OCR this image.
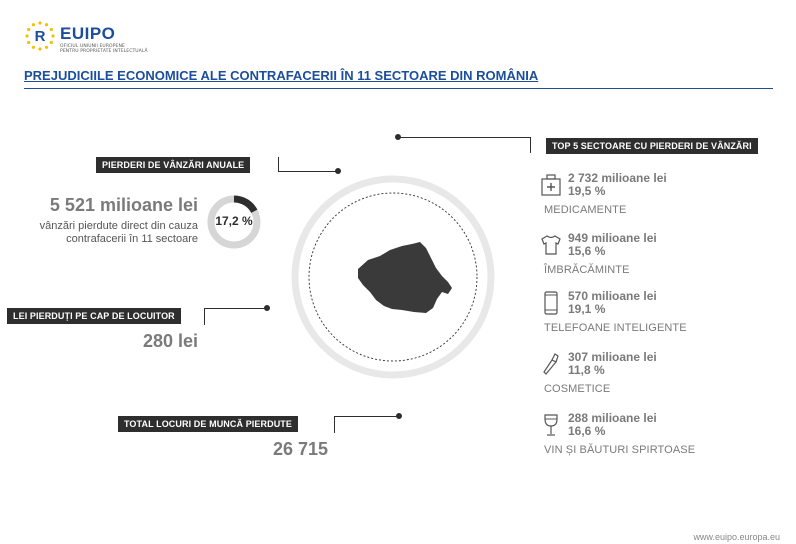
R EUIPO
OFICIUL UNIUNII EUROPENE
PENTRU PROPRIETATE INTELECTUALĂ
PREJUDICIILE ECONOMICE ALE CONTRAFACERII ÎN 11 SECTOARE DIN ROMÂNIA
PIERDERI DE VÂNZĂRI ANUALE
5 521 milioane lei
vânzări pierdute direct din cauza contrafacerii în 11 sectoare
17,2 %
LEI PIERDUȚI PE CAP DE LOCUITOR
280 lei
TOTAL LOCURI DE MUNCĂ PIERDUTE
26 715
TOP 5 SECTOARE CU PIERDERI DE VÂNZĂRI
2 732 milioane lei
19,5 %
MEDICAMENTE
949 milioane lei
15,6 %
ÎMBRĂCĂMINTE
570 milioane lei
19,1 %
TELEFOANE INTELIGENTE
307 milioane lei
11,8 %
COSMETICE
288 milioane lei
16,6 %
VIN ȘI BĂUTURI SPIRTOASE
www.euipo.europa.eu
